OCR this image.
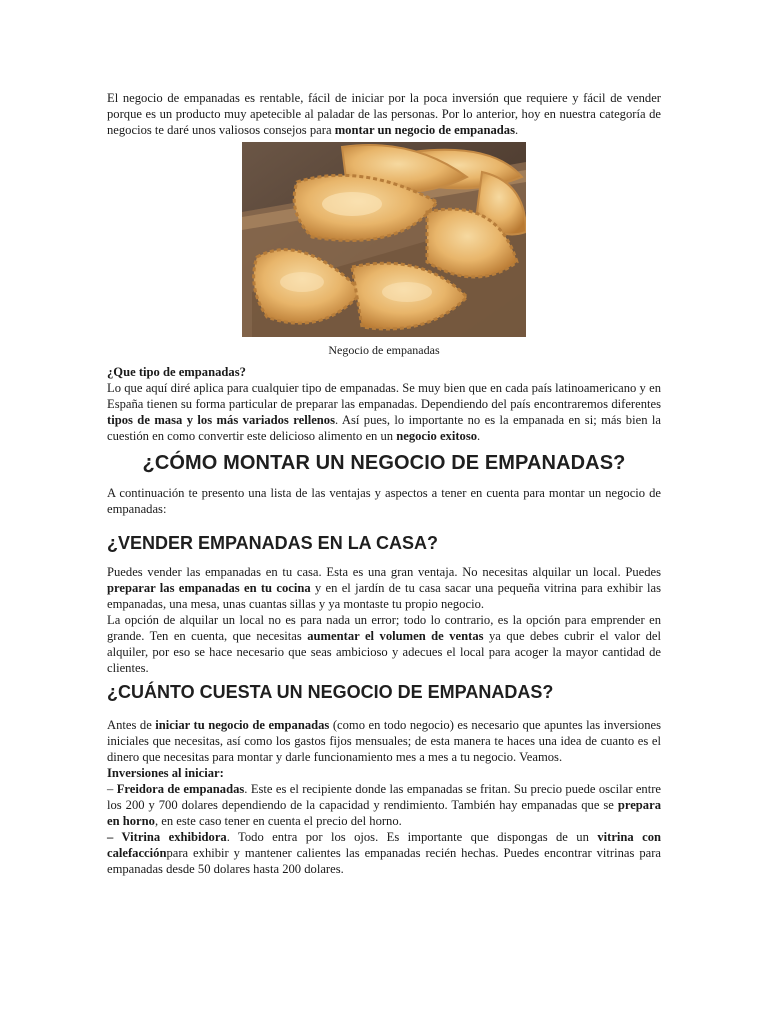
El negocio de empanadas es rentable, fácil de iniciar por la poca inversión que requiere y fácil de vender porque es un producto muy apetecible al paladar de las personas. Por lo anterior, hoy en nuestra categoría de negocios te daré unos valiosos consejos para montar un negocio de empanadas.

Negocio de empanadas

¿Que tipo de empanadas?

Lo que aquí diré aplica para cualquier tipo de empanadas. Se muy bien que en cada país latinoamericano y en España tienen su forma particular de preparar las empanadas. Dependiendo del país encontraremos diferentes tipos de masa y los más variados rellenos. Así pues, lo importante no es la empanada en si; más bien la cuestión en como convertir este delicioso alimento en un negocio exitoso.

¿CÓMO MONTAR UN NEGOCIO DE EMPANADAS?

A continuación te presento una lista de las ventajas y aspectos a tener en cuenta para montar un negocio de empanadas:

¿VENDER EMPANADAS EN LA CASA?

Puedes vender las empanadas en tu casa. Esta es una gran ventaja. No necesitas alquilar un local. Puedes preparar las empanadas en tu cocina y en el jardín de tu casa sacar una pequeña vitrina para exhibir las empanadas, una mesa, unas cuantas sillas y ya montaste tu propio negocio.

La opción de alquilar un local no es para nada un error; todo lo contrario, es la opción para emprender en grande. Ten en cuenta, que necesitas aumentar el volumen de ventas ya que debes cubrir el valor del alquiler, por eso se hace necesario que seas ambicioso y adecues el local para acoger la mayor cantidad de clientes.

¿CUÁNTO CUESTA UN NEGOCIO DE EMPANADAS?

Antes de iniciar tu negocio de empanadas (como en todo negocio) es necesario que apuntes las inversiones iniciales que necesitas, así como los gastos fijos mensuales; de esta manera te haces una idea de cuanto es el dinero que necesitas para montar y darle funcionamiento mes a mes a tu negocio. Veamos.

Inversiones al iniciar:

– Freidora de empanadas. Este es el recipiente donde las empanadas se fritan. Su precio puede oscilar entre los 200 y 700 dolares dependiendo de la capacidad y rendimiento. También hay empanadas que se prepara en horno, en este caso tener en cuenta el precio del horno.

– Vitrina exhibidora. Todo entra por los ojos. Es importante que dispongas de un vitrina con calefacciónpara exhibir y mantener calientes las empanadas recién hechas. Puedes encontrar vitrinas para empanadas desde 50 dolares hasta 200 dolares.
